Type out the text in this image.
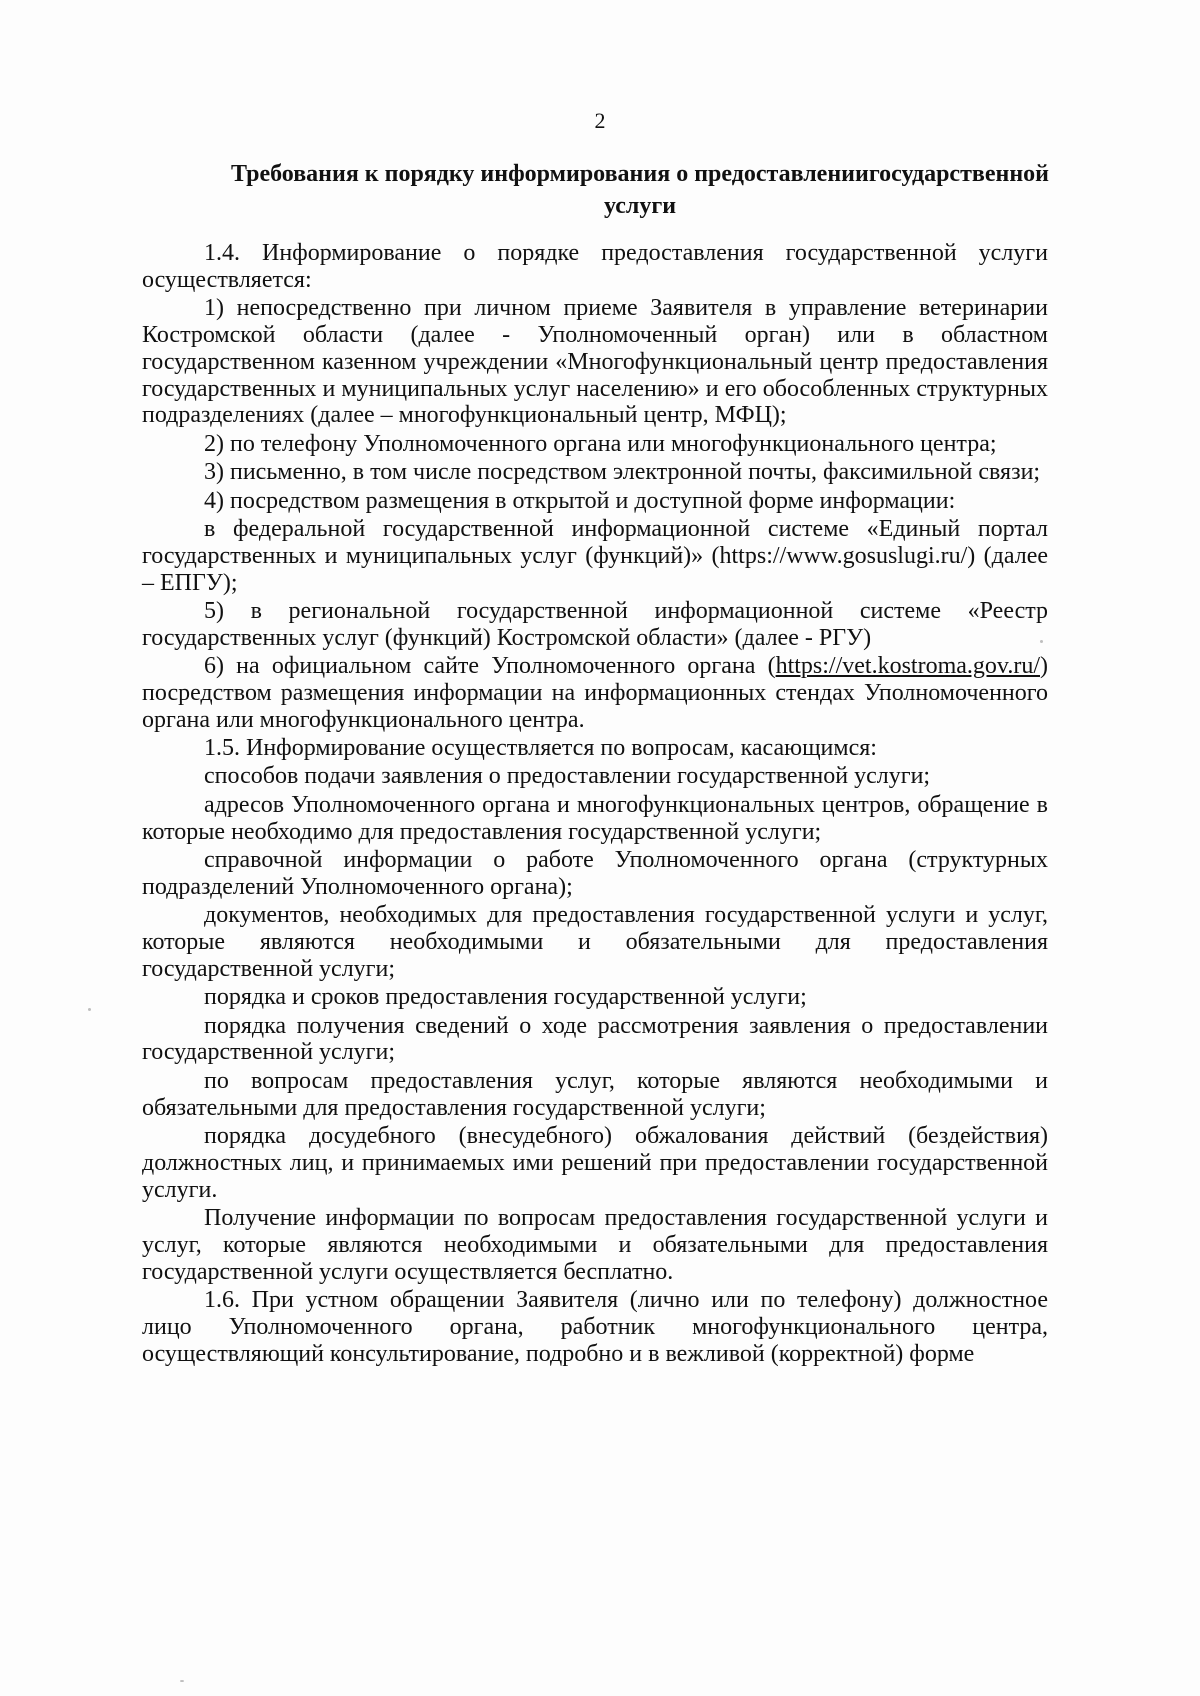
2
Требования к порядку информирования о предоставлениигосударственной
услуги

1.4. Информирование о порядке предоставления государственной услуги осуществляется:

1) непосредственно при личном приеме Заявителя в управление ветеринарии Костромской области (далее - Уполномоченный орган) или в областном государственном казенном учреждении «Многофункциональный центр предоставления государственных и муниципальных услуг населению» и его обособленных структурных подразделениях (далее – многофункциональный центр, МФЦ);

2) по телефону Уполномоченного органа или многофункционального центра;

3) письменно, в том числе посредством электронной почты, факсимильной связи;

4) посредством размещения в открытой и доступной форме информации:

в федеральной государственной информационной системе «Единый портал государственных и муниципальных услуг (функций)» (https://www.gosuslugi.ru/) (далее – ЕПГУ);

5) в региональной государственной информационной системе «Реестр государственных услуг (функций) Костромской области» (далее - РГУ)

6) на официальном сайте Уполномоченного органа (https://vet.kostroma.gov.ru/) посредством размещения информации на информационных стендах Уполномоченного органа или многофункционального центра.

1.5. Информирование осуществляется по вопросам, касающимся:

способов подачи заявления о предоставлении государственной услуги;

адресов Уполномоченного органа и многофункциональных центров, обращение в которые необходимо для предоставления государственной услуги;

справочной информации о работе Уполномоченного органа (структурных подразделений Уполномоченного органа);

документов, необходимых для предоставления государственной услуги и услуг, которые являются необходимыми и обязательными для предоставления государственной услуги;

порядка и сроков предоставления государственной услуги;

порядка получения сведений о ходе рассмотрения заявления о предоставлении государственной услуги;

по вопросам предоставления услуг, которые являются необходимыми и обязательными для предоставления государственной услуги;

порядка досудебного (внесудебного) обжалования действий (бездействия) должностных лиц, и принимаемых ими решений при предоставлении государственной услуги.

Получение информации по вопросам предоставления государственной услуги и услуг, которые являются необходимыми и обязательными для предоставления государственной услуги осуществляется бесплатно.

1.6. При устном обращении Заявителя (лично или по телефону) должностное лицо Уполномоченного органа, работник многофункционального центра, осуществляющий консультирование, подробно и в вежливой (корректной) форме
